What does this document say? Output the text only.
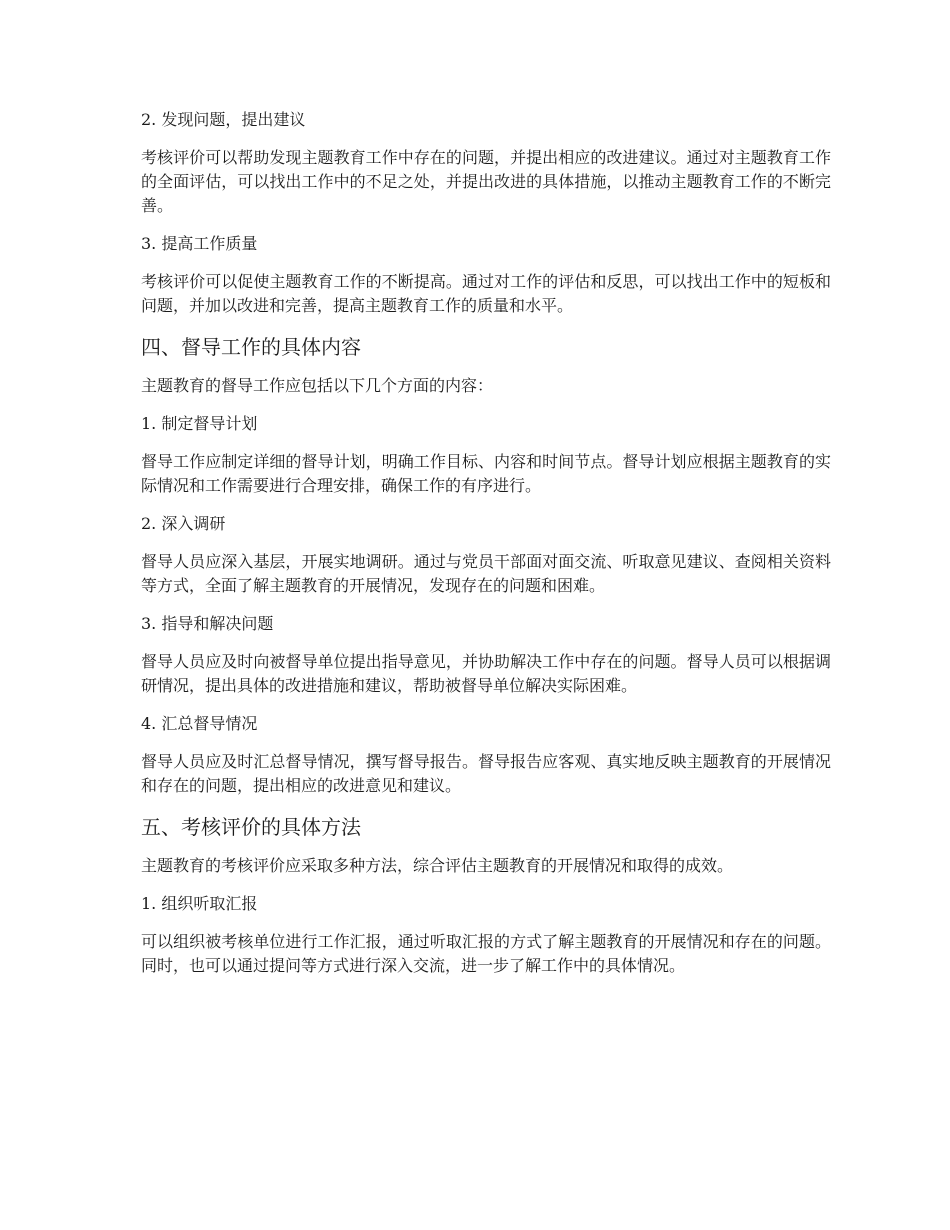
2. 发现问题，提出建议
考核评价可以帮助发现主题教育工作中存在的问题，并提出相应的改进建议。通过对主题教育工作的全面评估，可以找出工作中的不足之处，并提出改进的具体措施，以推动主题教育工作的不断完善。
3. 提高工作质量
考核评价可以促使主题教育工作的不断提高。通过对工作的评估和反思，可以找出工作中的短板和问题，并加以改进和完善，提高主题教育工作的质量和水平。
四、督导工作的具体内容
主题教育的督导工作应包括以下几个方面的内容：
1. 制定督导计划
督导工作应制定详细的督导计划，明确工作目标、内容和时间节点。督导计划应根据主题教育的实际情况和工作需要进行合理安排，确保工作的有序进行。
2. 深入调研
督导人员应深入基层，开展实地调研。通过与党员干部面对面交流、听取意见建议、查阅相关资料等方式，全面了解主题教育的开展情况，发现存在的问题和困难。
3. 指导和解决问题
督导人员应及时向被督导单位提出指导意见，并协助解决工作中存在的问题。督导人员可以根据调研情况，提出具体的改进措施和建议，帮助被督导单位解决实际困难。
4. 汇总督导情况
督导人员应及时汇总督导情况，撰写督导报告。督导报告应客观、真实地反映主题教育的开展情况和存在的问题，提出相应的改进意见和建议。
五、考核评价的具体方法
主题教育的考核评价应采取多种方法，综合评估主题教育的开展情况和取得的成效。
1. 组织听取汇报
可以组织被考核单位进行工作汇报，通过听取汇报的方式了解主题教育的开展情况和存在的问题。同时，也可以通过提问等方式进行深入交流，进一步了解工作中的具体情况。
